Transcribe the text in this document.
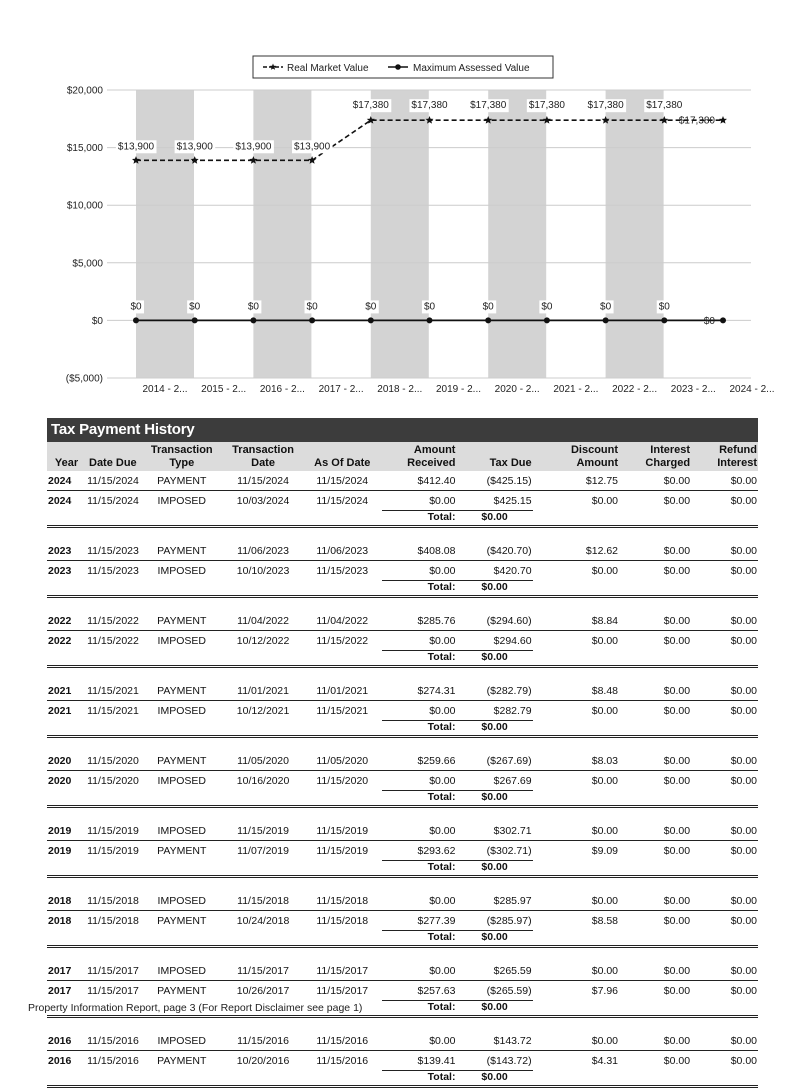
$20,000
$15,000
$10,000
$5,000
$0
($5,000)
2014 - 2... 2015 - 2... 2016 - 2... 2017 - 2... 2018 - 2... 2019 - 2... 2020 - 2... 2021 - 2... 2022 - 2... 2023 - 2... 2024 - 2...
$13,900 $13,900 $13,900 $13,900
$17,380 $17,380 $17,380 $17,380 $17,380 $17,380
$17,380
$0	$0	$0	$0	$0	$0	$0	$0	$0	$0
$0
Real Market Value	Maximum Assessed Value
Tax Payment History
Year	Date Due	Transaction Type	Transaction Date	As Of Date	Amount Received	Tax Due	Discount Amount	Interest Charged	Refund Interest
2024	11/15/2024	PAYMENT	11/15/2024	11/15/2024	$412.40	($425.15)	$12.75	$0.00	$0.00
2024	11/15/2024	IMPOSED	10/03/2024	11/15/2024	$0.00	$425.15	$0.00	$0.00	$0.00
					Total:	$0.00			

2023	11/15/2023	PAYMENT	11/06/2023	11/06/2023	$408.08	($420.70)	$12.62	$0.00	$0.00
2023	11/15/2023	IMPOSED	10/10/2023	11/15/2023	$0.00	$420.70	$0.00	$0.00	$0.00
					Total:	$0.00			

2022	11/15/2022	PAYMENT	11/04/2022	11/04/2022	$285.76	($294.60)	$8.84	$0.00	$0.00
2022	11/15/2022	IMPOSED	10/12/2022	11/15/2022	$0.00	$294.60	$0.00	$0.00	$0.00
					Total:	$0.00			

2021	11/15/2021	PAYMENT	11/01/2021	11/01/2021	$274.31	($282.79)	$8.48	$0.00	$0.00
2021	11/15/2021	IMPOSED	10/12/2021	11/15/2021	$0.00	$282.79	$0.00	$0.00	$0.00
					Total:	$0.00			

2020	11/15/2020	PAYMENT	11/05/2020	11/05/2020	$259.66	($267.69)	$8.03	$0.00	$0.00
2020	11/15/2020	IMPOSED	10/16/2020	11/15/2020	$0.00	$267.69	$0.00	$0.00	$0.00
					Total:	$0.00			

2019	11/15/2019	IMPOSED	11/15/2019	11/15/2019	$0.00	$302.71	$0.00	$0.00	$0.00
2019	11/15/2019	PAYMENT	11/07/2019	11/15/2019	$293.62	($302.71)	$9.09	$0.00	$0.00
					Total:	$0.00			

2018	11/15/2018	IMPOSED	11/15/2018	11/15/2018	$0.00	$285.97	$0.00	$0.00	$0.00
2018	11/15/2018	PAYMENT	10/24/2018	11/15/2018	$277.39	($285.97)	$8.58	$0.00	$0.00
					Total:	$0.00			

2017	11/15/2017	IMPOSED	11/15/2017	11/15/2017	$0.00	$265.59	$0.00	$0.00	$0.00
2017	11/15/2017	PAYMENT	10/26/2017	11/15/2017	$257.63	($265.59)	$7.96	$0.00	$0.00
					Total:	$0.00			

2016	11/15/2016	IMPOSED	11/15/2016	11/15/2016	$0.00	$143.72	$0.00	$0.00	$0.00
2016	11/15/2016	PAYMENT	10/20/2016	11/15/2016	$139.41	($143.72)	$4.31	$0.00	$0.00
					Total:	$0.00			
Property Information Report, page 3 (For Report Disclaimer see page 1)
